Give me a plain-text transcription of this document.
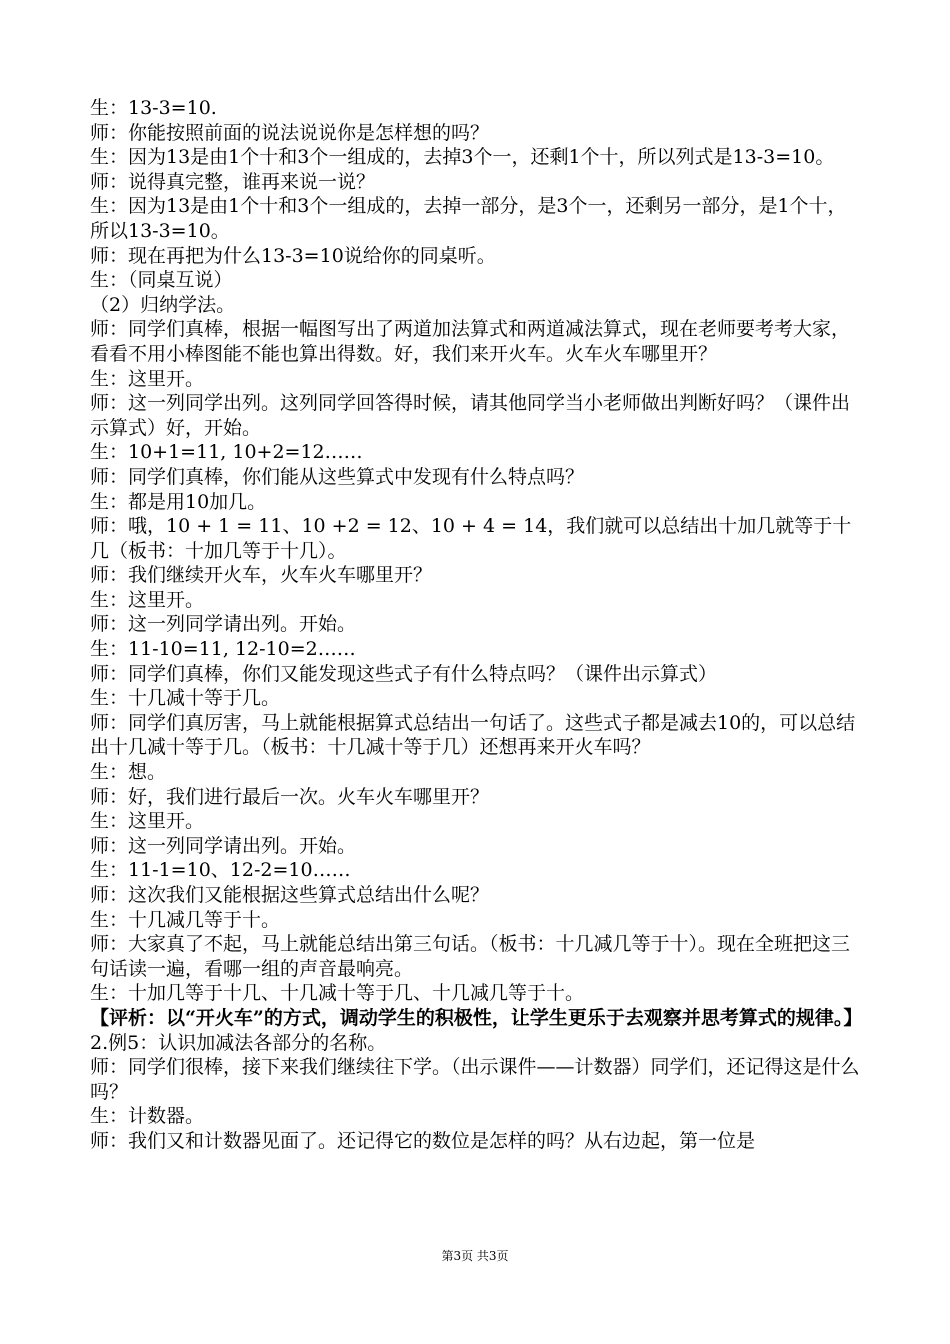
生：13-3=10.

师：你能按照前面的说法说说你是怎样想的吗？

生：因为13是由1个十和3个一组成的，去掉3个一，还剩1个十，所以列式是13-3=10。

师：说得真完整，谁再来说一说？

生：因为13是由1个十和3个一组成的，去掉一部分，是3个一，还剩另一部分，是1个十，所以13-3=10。

师：现在再把为什么13-3=10说给你的同桌听。

生：（同桌互说）

（2）归纳学法。

师：同学们真棒，根据一幅图写出了两道加法算式和两道减法算式，现在老师要考考大家，看看不用小棒图能不能也算出得数。好，我们来开火车。火车火车哪里开？

生：这里开。

师：这一列同学出列。这列同学回答得时候，请其他同学当小老师做出判断好吗？（课件出示算式）好，开始。

生：10+1=11, 10+2=12……

师：同学们真棒，你们能从这些算式中发现有什么特点吗？

生：都是用10加几。

师：哦，10 + 1 = 11、10 +2 = 12、10 + 4 = 14，我们就可以总结出十加几就等于十几（板书：十加几等于十几）。

师：我们继续开火车，火车火车哪里开？

生：这里开。

师：这一列同学请出列。开始。

生：11-10=11, 12-10=2……

师：同学们真棒，你们又能发现这些式子有什么特点吗？（课件出示算式）

生：十几减十等于几。

师：同学们真厉害，马上就能根据算式总结出一句话了。这些式子都是减去10的，可以总结出十几减十等于几。（板书：十几减十等于几）还想再来开火车吗？

生：想。

师：好，我们进行最后一次。火车火车哪里开？

生：这里开。

师：这一列同学请出列。开始。

生：11-1=10、12-2=10……

师：这次我们又能根据这些算式总结出什么呢？

生：十几减几等于十。

师：大家真了不起，马上就能总结出第三句话。（板书：十几减几等于十）。现在全班把这三句话读一遍，看哪一组的声音最响亮。

生：十加几等于十几、十几减十等于几、十几减几等于十。

【评析：以“开火车”的方式，调动学生的积极性，让学生更乐于去观察并思考算式的规律。】

2.例5：认识加减法各部分的名称。

师：同学们很棒，接下来我们继续往下学。（出示课件——计数器）同学们，还记得这是什么吗？

生：计数器。

师：我们又和计数器见面了。还记得它的数位是怎样的吗？从右边起，第一位是

第3页 共3页
